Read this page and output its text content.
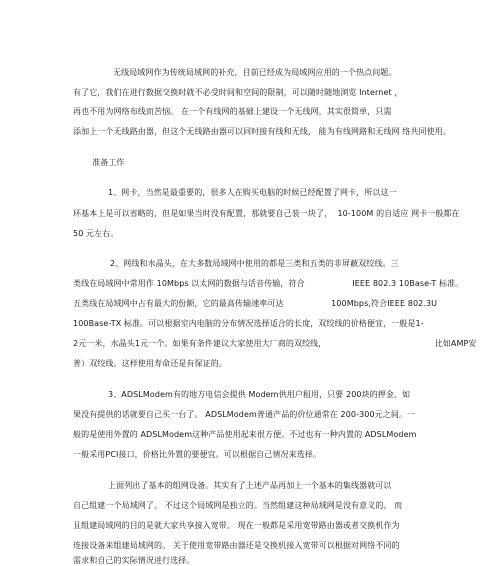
无线局域网作为传统局域网的补充，目前已经成为局域网应用的一个热点问题。
有了它，我们在进行数据交换时就不必受时间和空间的限制，可以随时随地浏览 Internet ，
再也不用为网络布线而苦恼。 在一个有线网的基础上建设一个无线网，其实很简单，只需
添加上一个无线路由器，但这个无线路由器可以同时接有线和无线， 能为有线网路和无线网 络共同使用。
准备工作
1、网卡，当然是最重要的，很多人在购买电脑的时候已经配置了网卡，所以这一
环基本上是可以省略的，但是如果当时没有配置，那就要自己装一块了，  10-100M 的自适应 网卡一般都在
50 元左右。
2、网线和水晶头，在大多数局域网中使用的都是三类和五类的非屏蔽双绞线。三
类线在局域网中常用作 10Mbps 以太网的数据与话音传输，符合                  IEEE 802.3 10Base-T 标准。
五类线在局域网中占有最大的份额，它的最高传输速率可达                  100Mbps,符合IEEE 802.3U
100Base-TX 标准。可以根据室内电脑的分布情况选择适合的长度，双绞线的价格便宜，一般是1-
2元一米，水晶头1元一个。如果有条件建议大家使用大厂商的双绞线，                                         比如AMP安
普）双绞线。这样使用寿命还是有保证的。
3、ADSLModem有的地方电信会提供 Modem供用户租用，只要 200块的押金，如
果没有提供的话就要自己买一台了。 ADSLModem普通产品的价位通常在 200-300元之间。一
般的是使用外置的 ADSLModem这种产品使用起来很方便。不过也有一种内置的 ADSLModem
一般采用PCI接口，价格比外置的要便宜。可以根据自己情况来选择。
上面列出了基本的组网设备。其实有了上述产品再加上一个基本的集线器就可以
自己组建一个局域网了。 不过这个局域网是独立的。当然组建这种局域网是没有意义的。 而
且组建局域网的目的是就大家共享接入宽带。 现在一般都是采用宽带路由器或者交换机作为
连接设备来组建局域网的。 关于使用宽带路由器还是交换机接入宽带可以根据对网络不同的
需求和自己的实际情况进行选择。
